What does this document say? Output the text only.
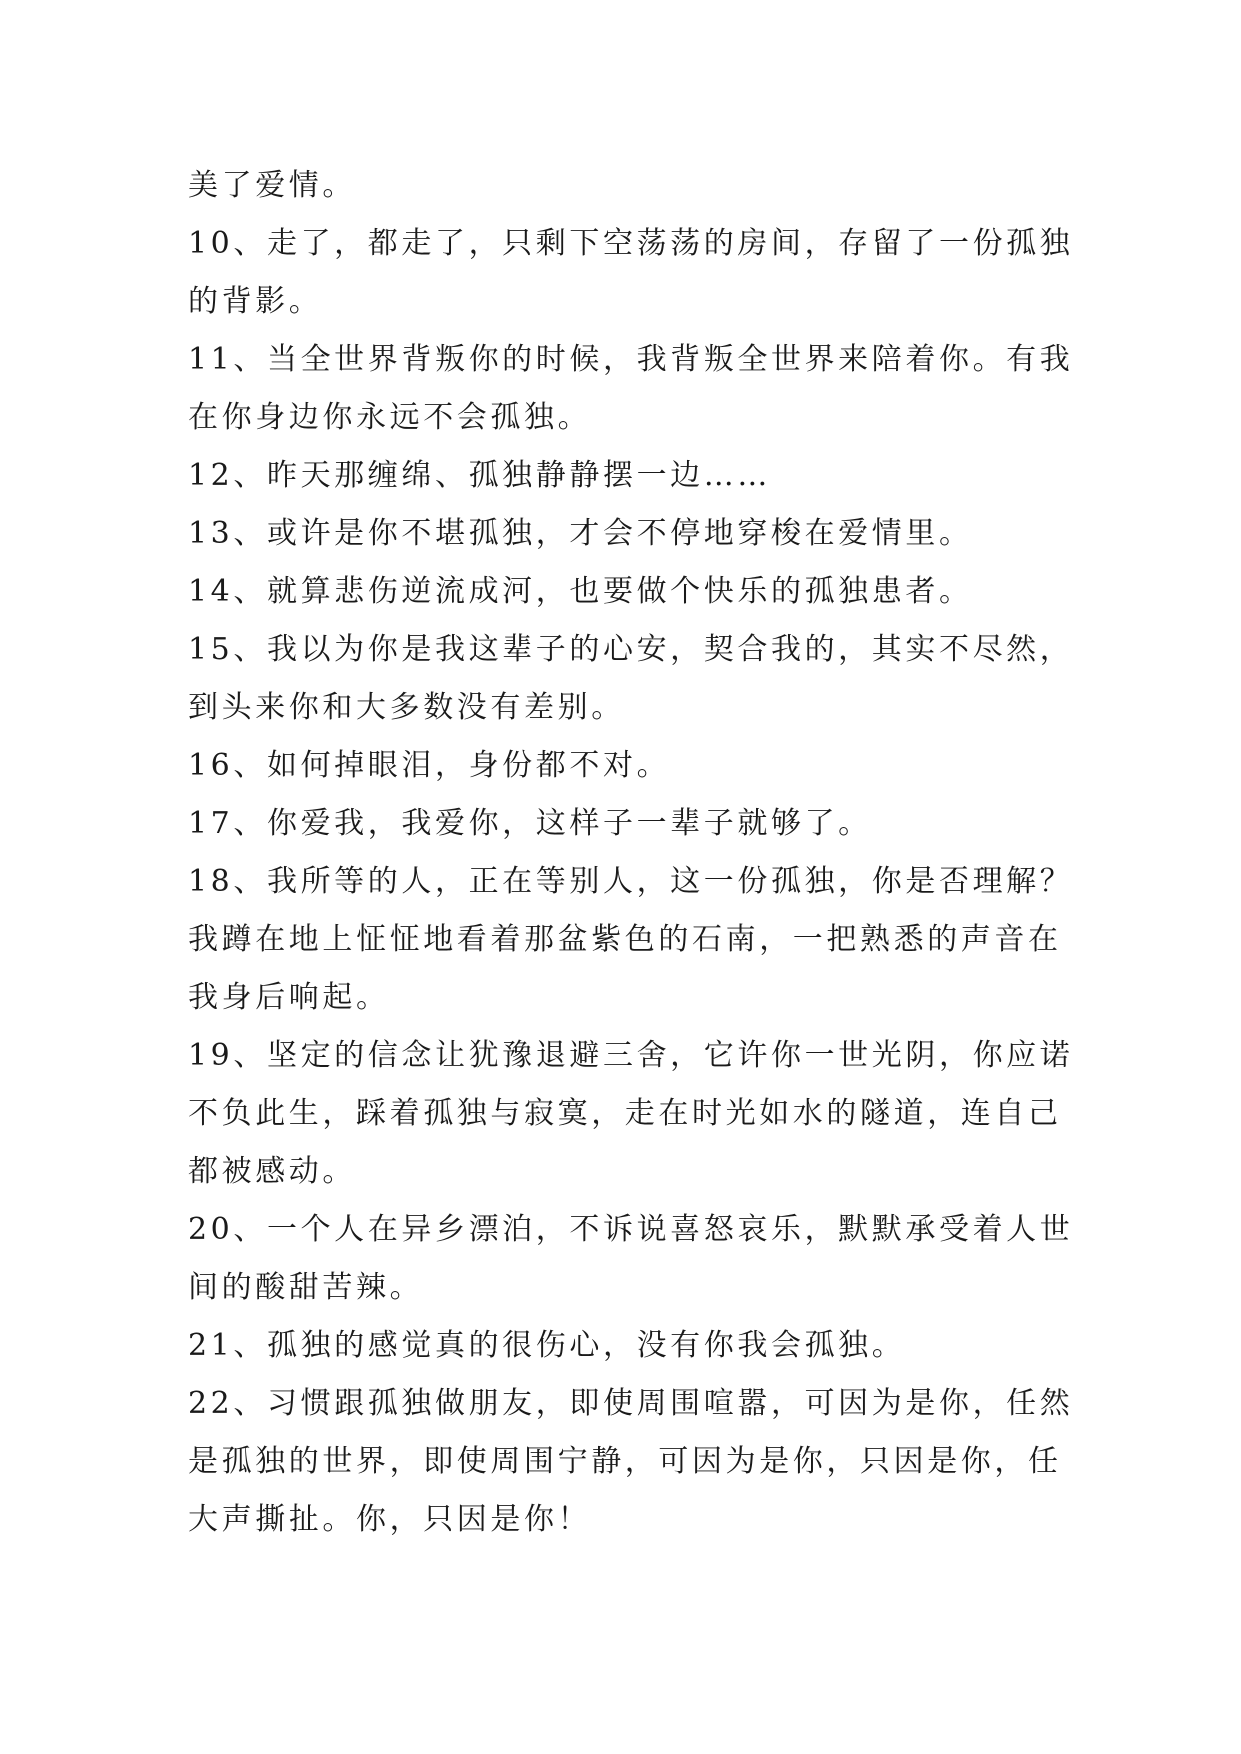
美了爱情。
10、走了，都走了，只剩下空荡荡的房间，存留了一份孤独
的背影。
11、当全世界背叛你的时候，我背叛全世界来陪着你。有我
在你身边你永远不会孤独。
12、昨天那缠绵、孤独静静摆一边……
13、或许是你不堪孤独，才会不停地穿梭在爱情里。
14、就算悲伤逆流成河，也要做个快乐的孤独患者。
15、我以为你是我这辈子的心安，契合我的，其实不尽然，
到头来你和大多数没有差别。
16、如何掉眼泪，身份都不对。
17、你爱我，我爱你，这样子一辈子就够了。
18、我所等的人，正在等别人，这一份孤独，你是否理解？
我蹲在地上怔怔地看着那盆紫色的石南，一把熟悉的声音在
我身后响起。
19、坚定的信念让犹豫退避三舍，它许你一世光阴，你应诺
不负此生，踩着孤独与寂寞，走在时光如水的隧道，连自己
都被感动。
20、一个人在异乡漂泊，不诉说喜怒哀乐，默默承受着人世
间的酸甜苦辣。
21、孤独的感觉真的很伤心，没有你我会孤独。
22、习惯跟孤独做朋友，即使周围喧嚣，可因为是你，任然
是孤独的世界，即使周围宁静，可因为是你，只因是你，任
大声撕扯。你，只因是你！
